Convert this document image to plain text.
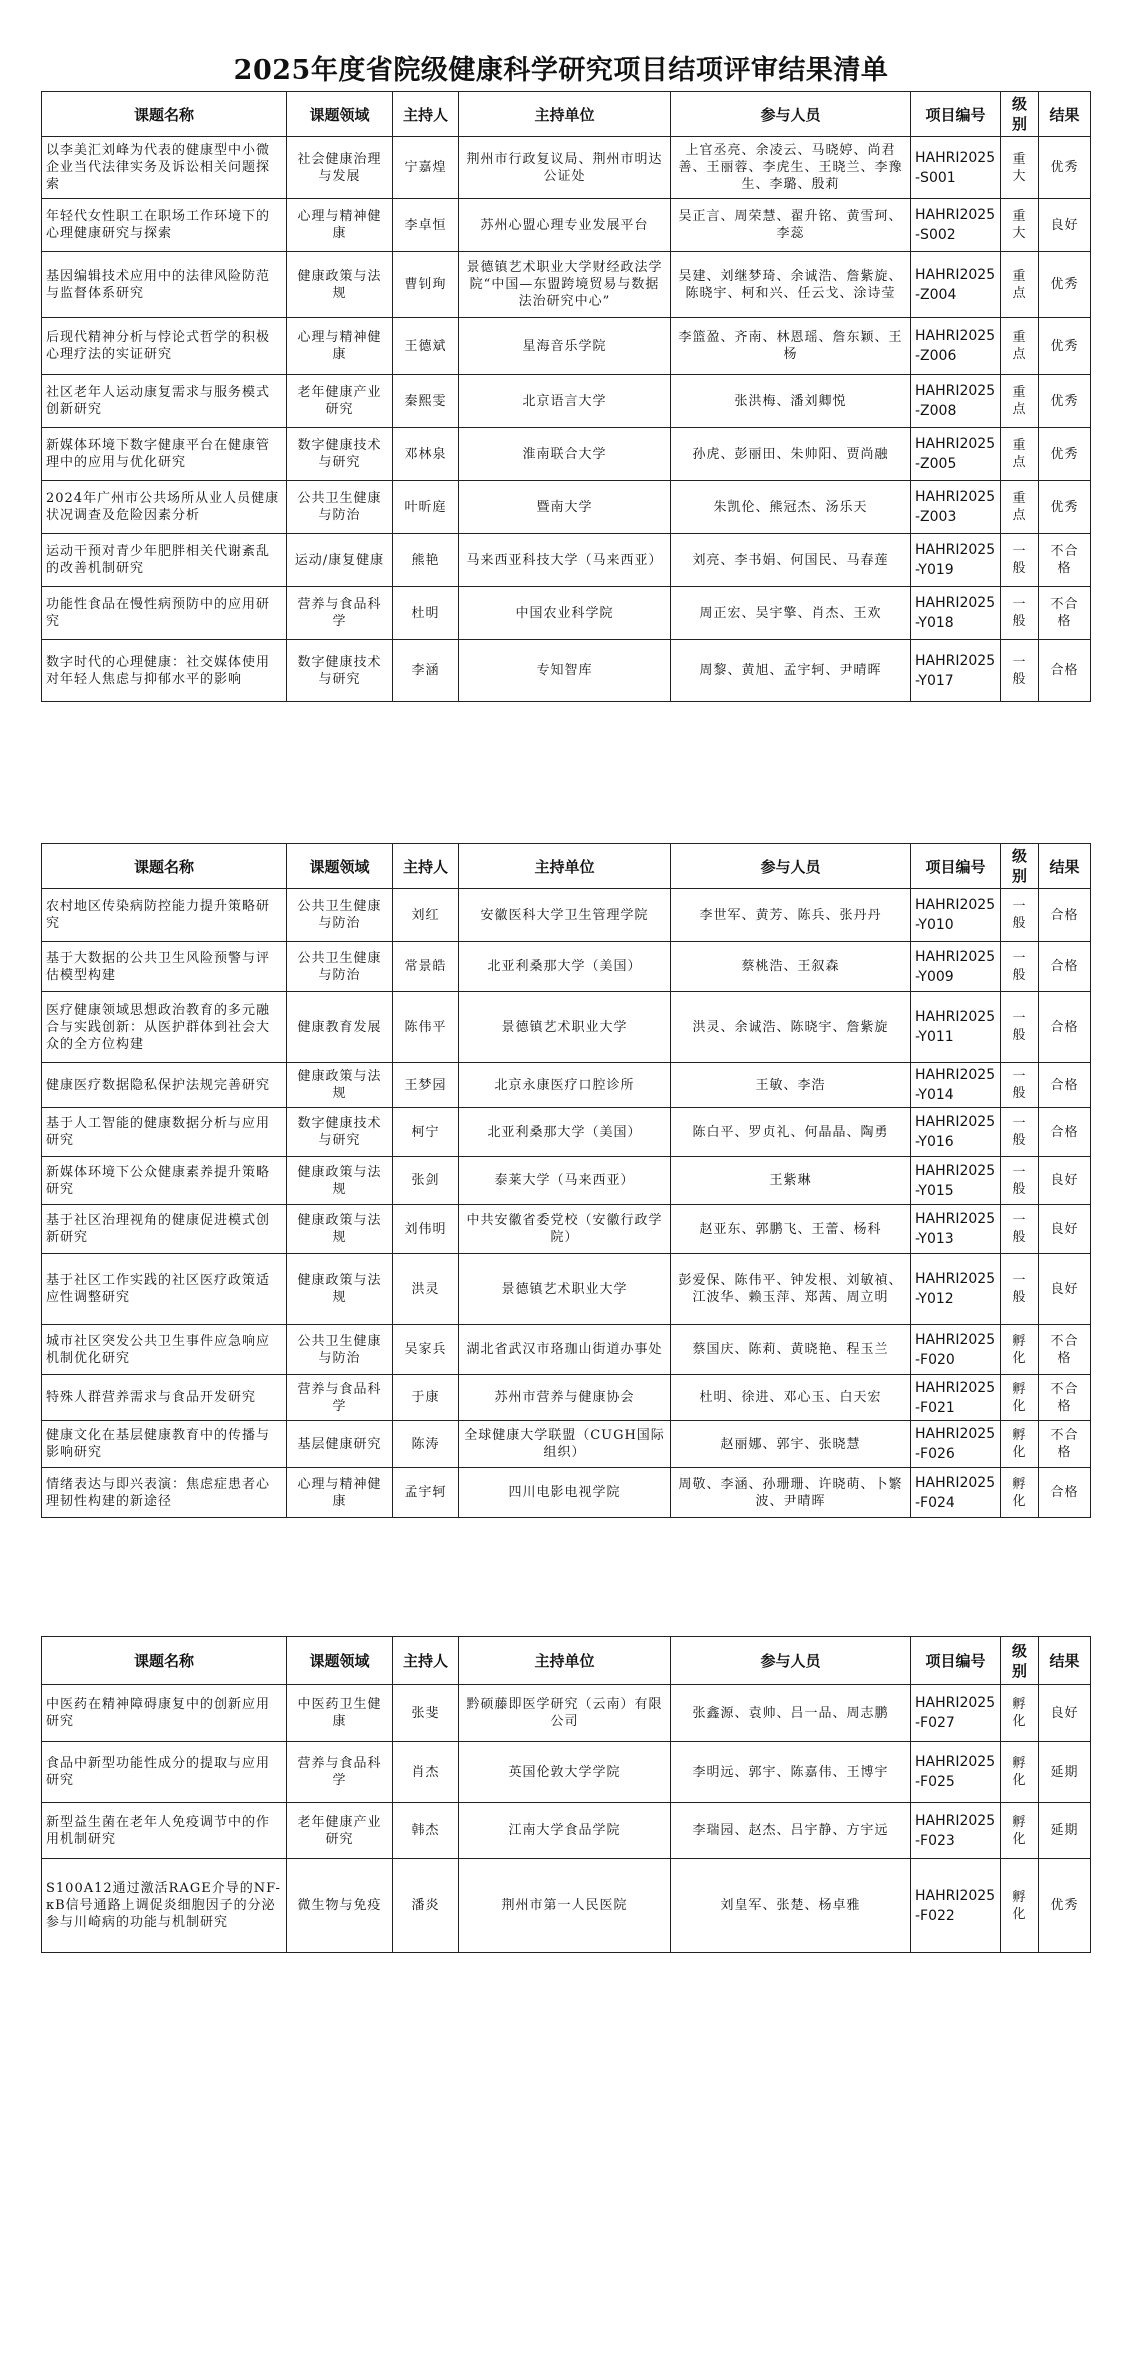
2025年度省院级健康科学研究项目结项评审结果清单
课题名称	课题领域	主持人	主持单位	参与人员	项目编号	级别	结果
以李美汇刘峰为代表的健康型中小微企业当代法律实务及诉讼相关问题探索	社会健康治理与发展	宁嘉煌	荆州市行政复议局、荆州市明达公证处	上官丞亮、余凌云、马晓婷、尚君善、王丽蓉、李虎生、王晓兰、李豫生、李璐、殷莉	HAHRI2025-S001	重大	优秀
年轻代女性职工在职场工作环境下的心理健康研究与探索	心理与精神健康	李卓恒	苏州心盟心理专业发展平台	吴正言、周荣慧、翟升铭、黄雪珂、李蕊	HAHRI2025-S002	重大	良好
基因编辑技术应用中的法律风险防范与监督体系研究	健康政策与法规	曹钊珣	景德镇艺术职业大学财经政法学院“中国—东盟跨境贸易与数据法治研究中心”	吴建、刘继梦琦、余诚浩、詹紫旋、陈晓宇、柯和兴、任云戈、涂诗莹	HAHRI2025-Z004	重点	优秀
后现代精神分析与悖论式哲学的积极心理疗法的实证研究	心理与精神健康	王德斌	星海音乐学院	李篮盈、齐南、林恩瑶、詹东颖、王杨	HAHRI2025-Z006	重点	优秀
社区老年人运动康复需求与服务模式创新研究	老年健康产业研究	秦熙雯	北京语言大学	张洪梅、潘刘卿悦	HAHRI2025-Z008	重点	优秀
新媒体环境下数字健康平台在健康管理中的应用与优化研究	数字健康技术与研究	邓林泉	淮南联合大学	孙虎、彭丽田、朱帅阳、贾尚融	HAHRI2025-Z005	重点	优秀
2024年广州市公共场所从业人员健康状况调查及危险因素分析	公共卫生健康与防治	叶昕庭	暨南大学	朱凯伦、熊冠杰、汤乐天	HAHRI2025-Z003	重点	优秀
运动干预对青少年肥胖相关代谢紊乱的改善机制研究	运动/康复健康	熊艳	马来西亚科技大学（马来西亚）	刘亮、李书娟、何国民、马春莲	HAHRI2025-Y019	一般	不合格
功能性食品在慢性病预防中的应用研究	营养与食品科学	杜明	中国农业科学院	周正宏、吴宇擎、肖杰、王欢	HAHRI2025-Y018	一般	不合格
数字时代的心理健康：社交媒体使用对年轻人焦虑与抑郁水平的影响	数字健康技术与研究	李涵	专知智库	周黎、黄旭、孟宇轲、尹晴晖	HAHRI2025-Y017	一般	合格
课题名称	课题领域	主持人	主持单位	参与人员	项目编号	级别	结果
农村地区传染病防控能力提升策略研究	公共卫生健康与防治	刘红	安徽医科大学卫生管理学院	李世军、黄芳、陈兵、张丹丹	HAHRI2025-Y010	一般	合格
基于大数据的公共卫生风险预警与评估模型构建	公共卫生健康与防治	常景皓	北亚利桑那大学（美国）	蔡桃浩、王叙森	HAHRI2025-Y009	一般	合格
医疗健康领域思想政治教育的多元融合与实践创新：从医护群体到社会大众的全方位构建	健康教育发展	陈伟平	景德镇艺术职业大学	洪灵、余诚浩、陈晓宇、詹紫旋	HAHRI2025-Y011	一般	合格
健康医疗数据隐私保护法规完善研究	健康政策与法规	王梦园	北京永康医疗口腔诊所	王敏、李浩	HAHRI2025-Y014	一般	合格
基于人工智能的健康数据分析与应用研究	数字健康技术与研究	柯宁	北亚利桑那大学（美国）	陈白平、罗贞礼、何晶晶、陶勇	HAHRI2025-Y016	一般	合格
新媒体环境下公众健康素养提升策略研究	健康政策与法规	张剑	泰莱大学（马来西亚）	王紫琳	HAHRI2025-Y015	一般	良好
基于社区治理视角的健康促进模式创新研究	健康政策与法规	刘伟明	中共安徽省委党校（安徽行政学院）	赵亚东、郭鹏飞、王蕾、杨科	HAHRI2025-Y013	一般	良好
基于社区工作实践的社区医疗政策适应性调整研究	健康政策与法规	洪灵	景德镇艺术职业大学	彭爱保、陈伟平、钟发根、刘敏禎、江波华、赖玉萍、郑茜、周立明	HAHRI2025-Y012	一般	良好
城市社区突发公共卫生事件应急响应机制优化研究	公共卫生健康与防治	吴家兵	湖北省武汉市珞珈山街道办事处	蔡国庆、陈莉、黄晓艳、程玉兰	HAHRI2025-F020	孵化	不合格
特殊人群营养需求与食品开发研究	营养与食品科学	于康	苏州市营养与健康协会	杜明、徐进、邓心玉、白天宏	HAHRI2025-F021	孵化	不合格
健康文化在基层健康教育中的传播与影响研究	基层健康研究	陈涛	全球健康大学联盟（CUGH国际组织）	赵丽娜、郭宇、张晓慧	HAHRI2025-F026	孵化	不合格
情绪表达与即兴表演：焦虑症患者心理韧性构建的新途径	心理与精神健康	孟宇轲	四川电影电视学院	周敬、李涵、孙珊珊、许晓萌、卜繁波、尹晴晖	HAHRI2025-F024	孵化	合格
课题名称	课题领域	主持人	主持单位	参与人员	项目编号	级别	结果
中医药在精神障碍康复中的创新应用研究	中医药卫生健康	张斐	黔硕藤即医学研究（云南）有限公司	张鑫源、袁帅、吕一品、周志鹏	HAHRI2025-F027	孵化	良好
食品中新型功能性成分的提取与应用研究	营养与食品科学	肖杰	英国伦敦大学学院	李明远、郭宇、陈嘉伟、王博宇	HAHRI2025-F025	孵化	延期
新型益生菌在老年人免疫调节中的作用机制研究	老年健康产业研究	韩杰	江南大学食品学院	李瑞园、赵杰、吕宇静、方宇远	HAHRI2025-F023	孵化	延期
S100A12通过激活RAGE介导的NF-κB信号通路上调促炎细胞因子的分泌参与川崎病的功能与机制研究	微生物与免疫	潘炎	荆州市第一人民医院	刘皇军、张楚、杨卓雅	HAHRI2025-F022	孵化	优秀
